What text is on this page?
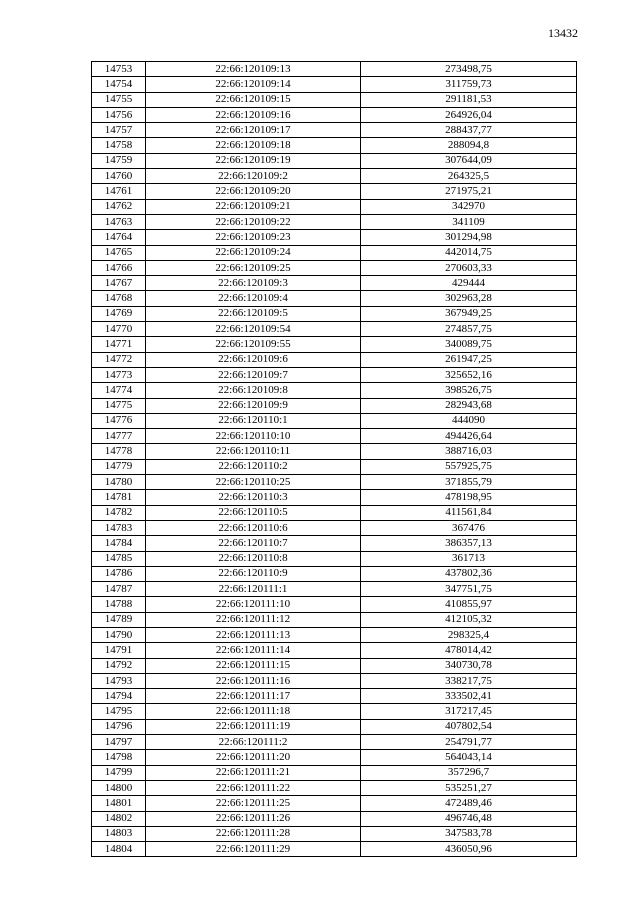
13432
14753	22:66:120109:13	273498,75
14754	22:66:120109:14	311759,73
14755	22:66:120109:15	291181,53
14756	22:66:120109:16	264926,04
14757	22:66:120109:17	288437,77
14758	22:66:120109:18	288094,8
14759	22:66:120109:19	307644,09
14760	22:66:120109:2	264325,5
14761	22:66:120109:20	271975,21
14762	22:66:120109:21	342970
14763	22:66:120109:22	341109
14764	22:66:120109:23	301294,98
14765	22:66:120109:24	442014,75
14766	22:66:120109:25	270603,33
14767	22:66:120109:3	429444
14768	22:66:120109:4	302963,28
14769	22:66:120109:5	367949,25
14770	22:66:120109:54	274857,75
14771	22:66:120109:55	340089,75
14772	22:66:120109:6	261947,25
14773	22:66:120109:7	325652,16
14774	22:66:120109:8	398526,75
14775	22:66:120109:9	282943,68
14776	22:66:120110:1	444090
14777	22:66:120110:10	494426,64
14778	22:66:120110:11	388716,03
14779	22:66:120110:2	557925,75
14780	22:66:120110:25	371855,79
14781	22:66:120110:3	478198,95
14782	22:66:120110:5	411561,84
14783	22:66:120110:6	367476
14784	22:66:120110:7	386357,13
14785	22:66:120110:8	361713
14786	22:66:120110:9	437802,36
14787	22:66:120111:1	347751,75
14788	22:66:120111:10	410855,97
14789	22:66:120111:12	412105,32
14790	22:66:120111:13	298325,4
14791	22:66:120111:14	478014,42
14792	22:66:120111:15	340730,78
14793	22:66:120111:16	338217,75
14794	22:66:120111:17	333502,41
14795	22:66:120111:18	317217,45
14796	22:66:120111:19	407802,54
14797	22:66:120111:2	254791,77
14798	22:66:120111:20	564043,14
14799	22:66:120111:21	357296,7
14800	22:66:120111:22	535251,27
14801	22:66:120111:25	472489,46
14802	22:66:120111:26	496746,48
14803	22:66:120111:28	347583,78
14804	22:66:120111:29	436050,96
